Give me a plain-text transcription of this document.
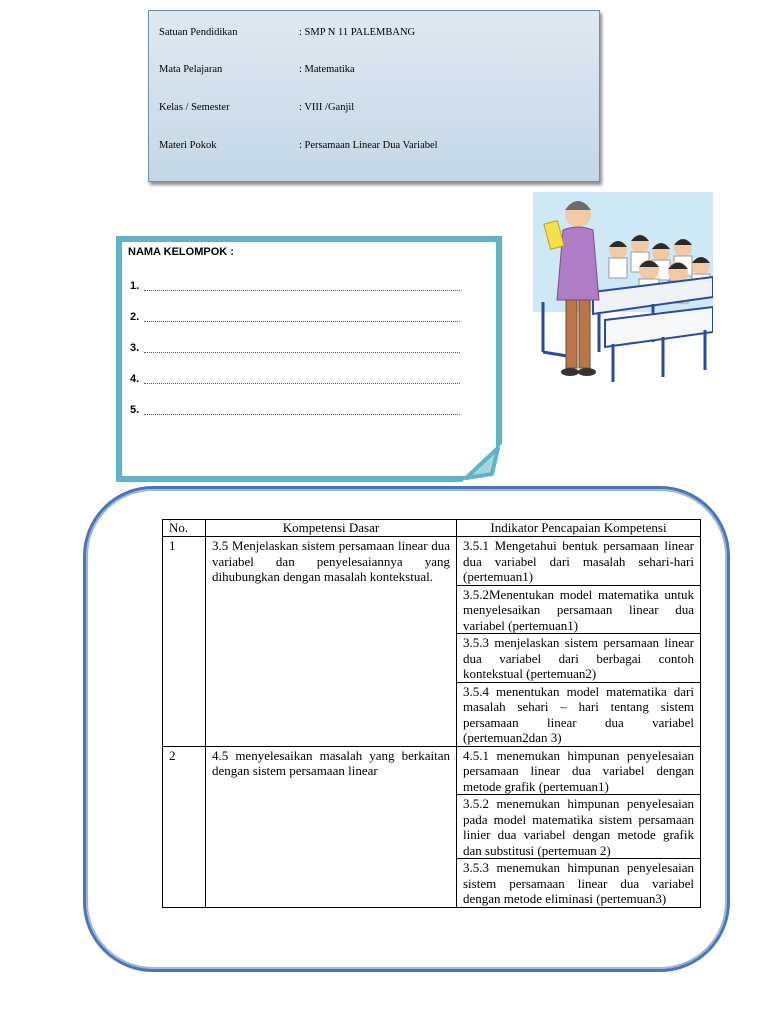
Satuan Pendidikan	: SMP N 11 PALEMBANG
Mata Pelajaran	: Matematika
Kelas / Semester	: VIII /Ganjil
Materi Pokok	: Persamaan Linear Dua Variabel
NAMA KELOMPOK :
1.
2.
3.
4.
5.
No.	Kompetensi Dasar	Indikator Pencapaian Kompetensi
1	3.5 Menjelaskan sistem persamaan linear dua variabel dan penyelesaiannya yang dihubungkan dengan masalah kontekstual.	3.5.1 Mengetahui bentuk persamaan linear dua variabel dari masalah sehari-hari (pertemuan1)
3.5.2Menentukan model matematika untuk menyelesaikan persamaan linear dua variabel (pertemuan1)
3.5.3 menjelaskan sistem persamaan linear dua variabel dari berbagai contoh kontekstual (pertemuan2)
3.5.4 menentukan model matematika dari masalah sehari – hari tentang sistem persamaan linear dua variabel (pertemuan2dan 3)

2	4.5 menyelesaikan masalah yang berkaitan dengan sistem persamaan linear	4.5.1 menemukan himpunan penyelesaian persamaan linear dua variabel dengan metode grafik (pertemuan1)
3.5.2 menemukan himpunan penyelesaian pada model matematika sistem persamaan linier dua variabel dengan metode grafik dan substitusi (pertemuan 2)
3.5.3 menemukan himpunan penyelesaian sistem persamaan linear dua variabel dengan metode eliminasi (pertemuan3)
